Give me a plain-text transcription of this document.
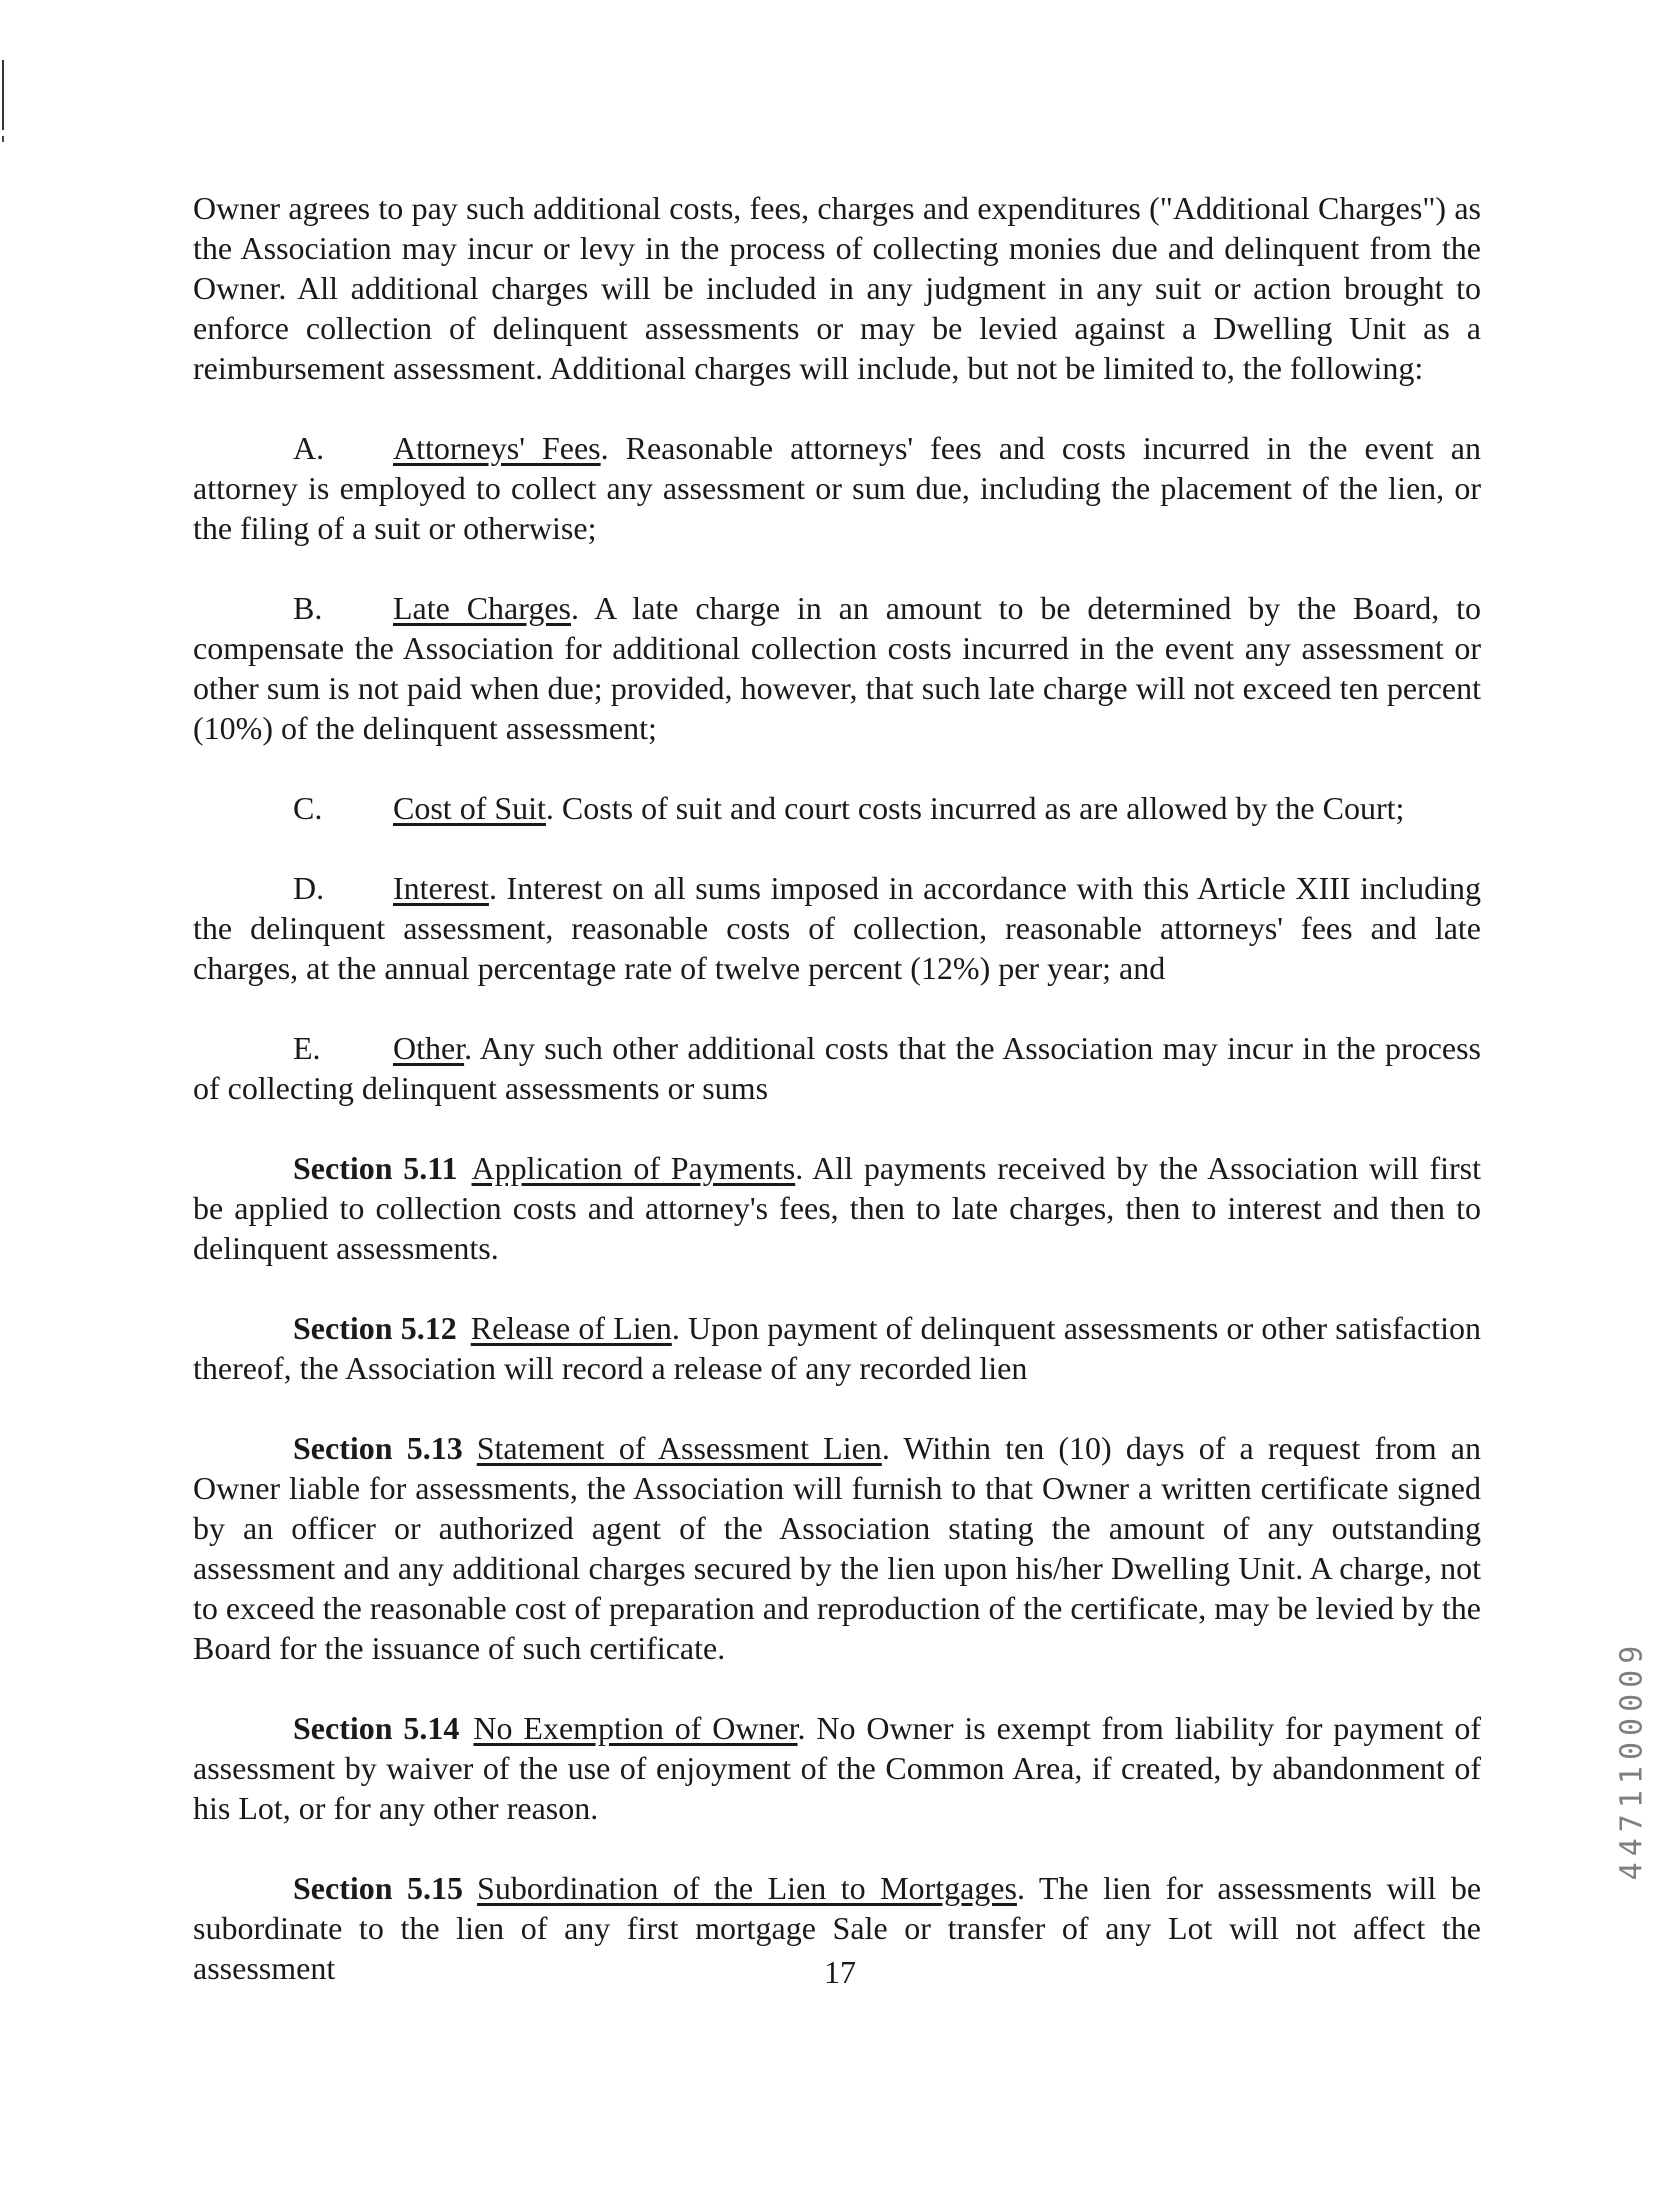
Owner agrees to pay such additional costs, fees, charges and expenditures ("Additional Charges") as the Association may incur or levy in the process of collecting monies due and delinquent from the Owner. All additional charges will be included in any judgment in any suit or action brought to enforce collection of delinquent assessments or may be levied against a Dwelling Unit as a reimbursement assessment. Additional charges will include, but not be limited to, the following:

A. Attorneys' Fees. Reasonable attorneys' fees and costs incurred in the event an attorney is employed to collect any assessment or sum due, including the placement of the lien, or the filing of a suit or otherwise;

B. Late Charges. A late charge in an amount to be determined by the Board, to compensate the Association for additional collection costs incurred in the event any assessment or other sum is not paid when due; provided, however, that such late charge will not exceed ten percent (10%) of the delinquent assessment;

C. Cost of Suit. Costs of suit and court costs incurred as are allowed by the Court;

D. Interest. Interest on all sums imposed in accordance with this Article XIII including the delinquent assessment, reasonable costs of collection, reasonable attorneys' fees and late charges, at the annual percentage rate of twelve percent (12%) per year; and

E. Other. Any such other additional costs that the Association may incur in the process of collecting delinquent assessments or sums

Section 5.11 Application of Payments. All payments received by the Association will first be applied to collection costs and attorney's fees, then to late charges, then to interest and then to delinquent assessments.

Section 5.12 Release of Lien. Upon payment of delinquent assessments or other satisfaction thereof, the Association will record a release of any recorded lien

Section 5.13 Statement of Assessment Lien. Within ten (10) days of a request from an Owner liable for assessments, the Association will furnish to that Owner a written certificate signed by an officer or authorized agent of the Association stating the amount of any outstanding assessment and any additional charges secured by the lien upon his/her Dwelling Unit. A charge, not to exceed the reasonable cost of preparation and reproduction of the certificate, may be levied by the Board for the issuance of such certificate.

Section 5.14 No Exemption of Owner. No Owner is exempt from liability for payment of assessment by waiver of the use of enjoyment of the Common Area, if created, by abandonment of his Lot, or for any other reason.

Section 5.15 Subordination of the Lien to Mortgages. The lien for assessments will be subordinate to the lien of any first mortgage Sale or transfer of any Lot will not affect the assessment	17
4471100009
